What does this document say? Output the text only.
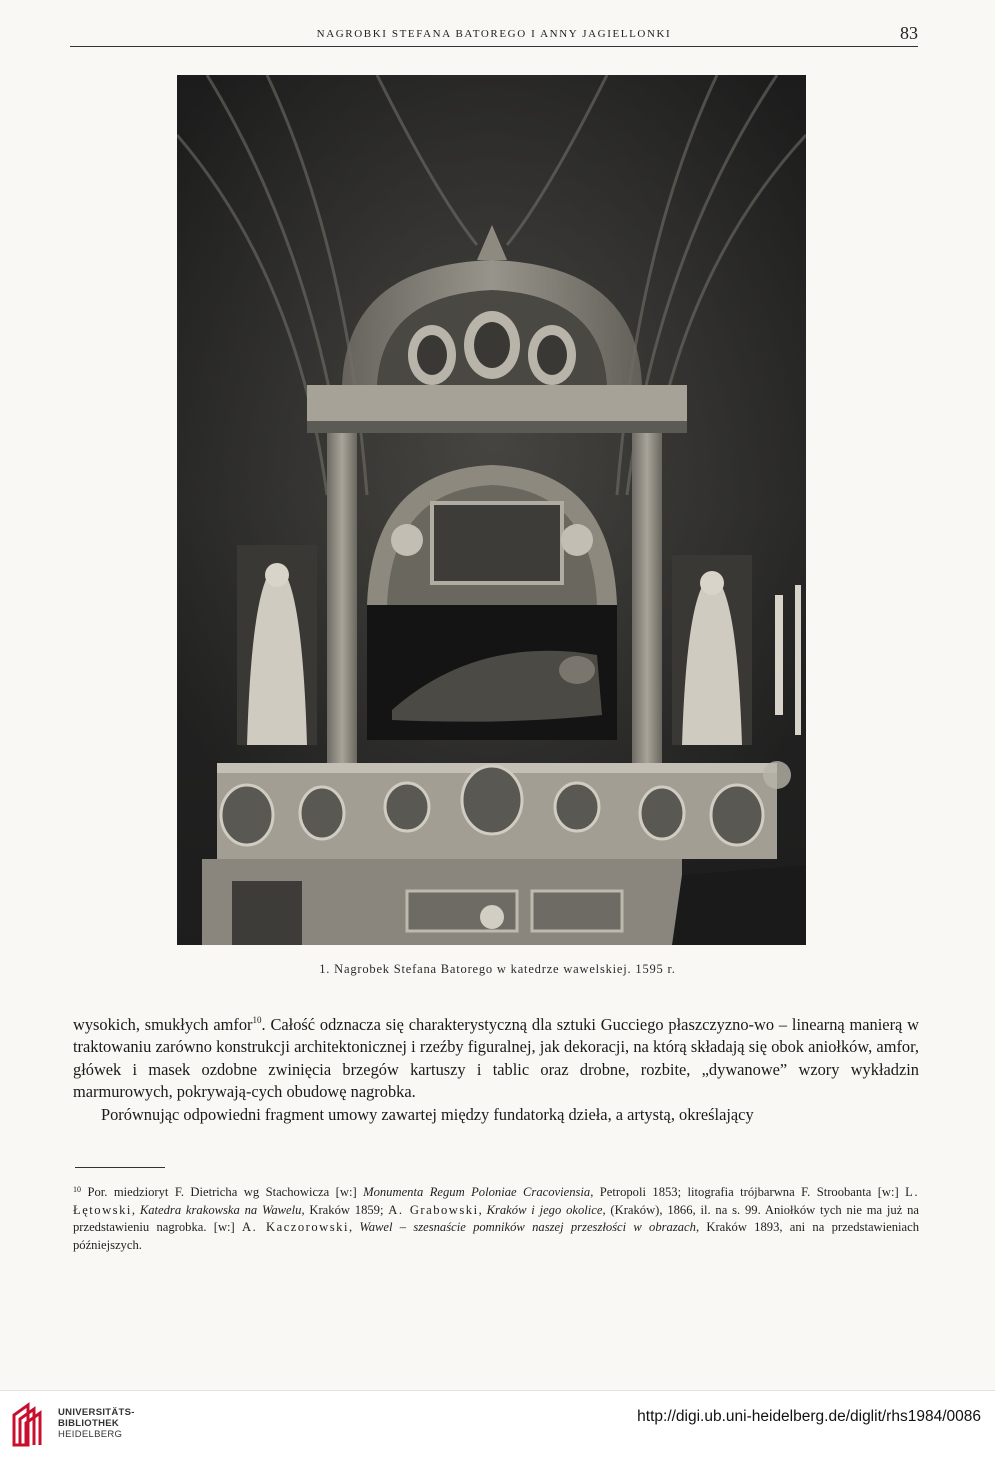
NAGROBKI STEFANA BATOREGO I ANNY JAGIELLONKI	83
1. Nagrobek Stefana Batorego w katedrze wawelskiej. 1595 r.

wysokich, smukłych amfor$^{10}$. Całość odznacza się charakterystyczną dla sztuki Gucciego płaszczyzno-wo – linearną manierą w traktowaniu zarówno konstrukcji architektonicznej i rzeźby figuralnej, jak dekoracji, na którą składają się obok aniołków, amfor, główek i masek ozdobne zwinięcia brzegów kartuszy i tablic oraz drobne, rozbite, „dywanowe” wzory wykładzin marmurowych, pokrywają-cych obudowę nagrobka.

Porównując odpowiedni fragment umowy zawartej między fundatorką dzieła, a artystą, określający

$^{10}$ Por. miedzioryt F. Dietricha wg Stachowicza [w:] Monumenta Regum Poloniae Cracoviensia, Petropoli 1853; litografia trójbarwna F. Stroobanta [w:] L. Łętowski, Katedra krakowska na Wawelu, Kraków 1859; A. Grabowski, Kraków i jego okolice, (Kraków), 1866, il. na s. 99. Aniołków tych nie ma już na przedstawieniu nagrobka. [w:] A. Kaczorowski, Wawel – szesnaście pomników naszej przeszłości w obrazach, Kraków 1893, ani na przedstawieniach późniejszych.
UNIVERSITÄTS-
BIBLIOTHEK
HEIDELBERG
http://digi.ub.uni-heidelberg.de/diglit/rhs1984/0086
